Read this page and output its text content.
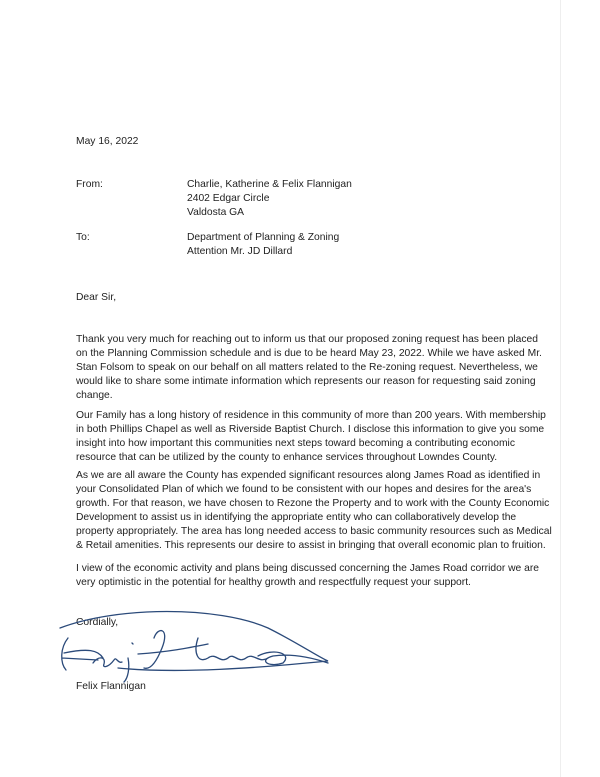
May 16, 2022
From:	Charlie, Katherine & Felix Flannigan
2402 Edgar Circle
Valdosta GA
To:	Department of Planning & Zoning
Attention Mr. JD Dillard
Dear Sir,
Thank you very much for reaching out to inform us that our proposed zoning request has been placed
on the Planning Commission schedule and is due to be heard May 23, 2022. While we have asked Mr.
Stan Folsom to speak on our behalf on all matters related to the Re-zoning request. Nevertheless, we
would like to share some intimate information which represents our reason for requesting said zoning
change.
Our Family has a long history of residence in this community of more than 200 years. With membership
in both Phillips Chapel as well as Riverside Baptist Church. I disclose this information to give you some
insight into how important this communities next steps toward becoming a contributing economic
resource that can be utilized by the county to enhance services throughout Lowndes County.
As we are all aware the County has expended significant resources along James Road as identified in
your Consolidated Plan of which we found to be consistent with our hopes and desires for the area's
growth. For that reason, we have chosen to Rezone the Property and to work with the County Economic
Development to assist us in identifying the appropriate entity who can collaboratively develop the
property appropriately. The area has long needed access to basic community resources such as Medical
& Retail amenities. This represents our desire to assist in bringing that overall economic plan to fruition.
I view of the economic activity and plans being discussed concerning the James Road corridor we are
very optimistic in the potential for healthy growth and respectfully request your support.
Cordially,
Felix Flannigan
